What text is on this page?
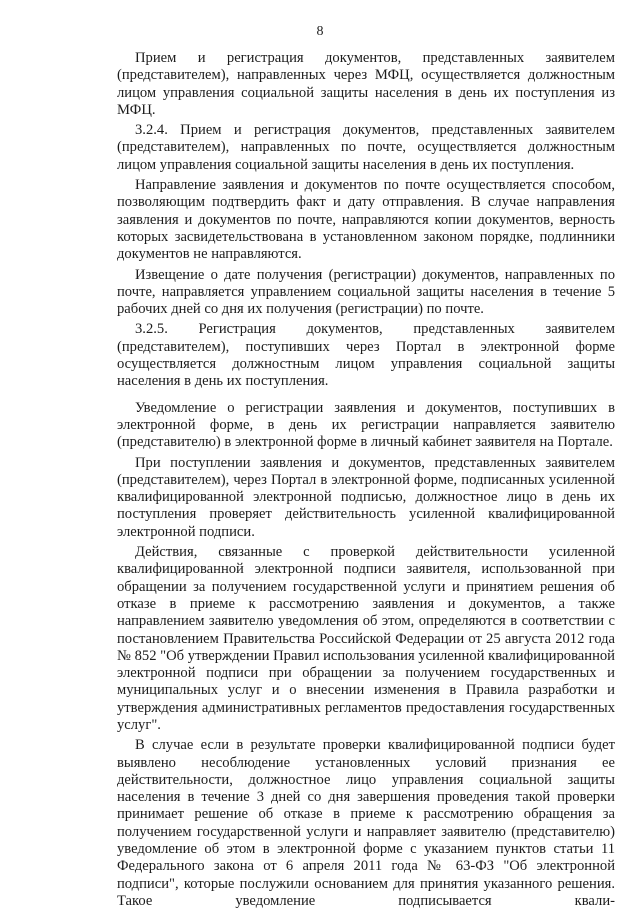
8

Прием и регистрация документов, представленных заявителем (представителем), направленных через МФЦ, осуществляется должностным лицом управления социальной защиты населения в день их поступления из МФЦ.

3.2.4. Прием и регистрация документов, представленных заявителем (представителем), направленных по почте, осуществляется должностным лицом управления социальной защиты населения в день их поступления.

Направление заявления и документов по почте осуществляется способом, позволяющим подтвердить факт и дату отправления. В случае направления заявления и документов по почте, направляются копии документов, верность которых засвидетельствована в установленном законом порядке, подлинники документов не направляются.

Извещение о дате получения (регистрации) документов, направленных по почте, направляется управлением социальной защиты населения в течение 5 рабочих дней со дня их получения (регистрации) по почте.

3.2.5. Регистрация документов, представленных заявителем (представителем), поступивших через Портал в электронной форме осуществляется должностным лицом управления социальной защиты населения в день их поступления.

Уведомление о регистрации заявления и документов, поступивших в электронной форме, в день их регистрации направляется заявителю (представителю) в электронной форме в личный кабинет заявителя на Портале.

При поступлении заявления и документов, представленных заявителем (представителем), через Портал в электронной форме, подписанных усиленной квалифицированной электронной подписью, должностное лицо в день их поступления проверяет действительность усиленной квалифицированной электронной подписи.

Действия, связанные с проверкой действительности усиленной квалифицированной электронной подписи заявителя, использованной при обращении за получением государственной услуги и принятием решения об отказе в приеме к рассмотрению заявления и документов, а также направлением заявителю уведомления об этом, определяются в соответствии с постановлением Правительства Российской Федерации от 25 августа 2012 года № 852 "Об утверждении Правил использования усиленной квалифицированной электронной подписи при обращении за получением государственных и муниципальных услуг и о внесении изменения в Правила разработки и утверждения административных регламентов предоставления государственных услуг".

В случае если в результате проверки квалифицированной подписи будет выявлено несоблюдение установленных условий признания ее действительности, должностное лицо управления социальной защиты населения в течение 3 дней со дня завершения проведения такой проверки принимает решение об отказе в приеме к рассмотрению обращения за получением государственной услуги и направляет заявителю (представителю) уведомление об этом в электронной форме с указанием пунктов статьи 11 Федерального закона от 6 апреля 2011 года № 63-ФЗ "Об электронной подписи", которые послужили основанием для принятия указанного решения. Такое уведомление подписывается квали-
